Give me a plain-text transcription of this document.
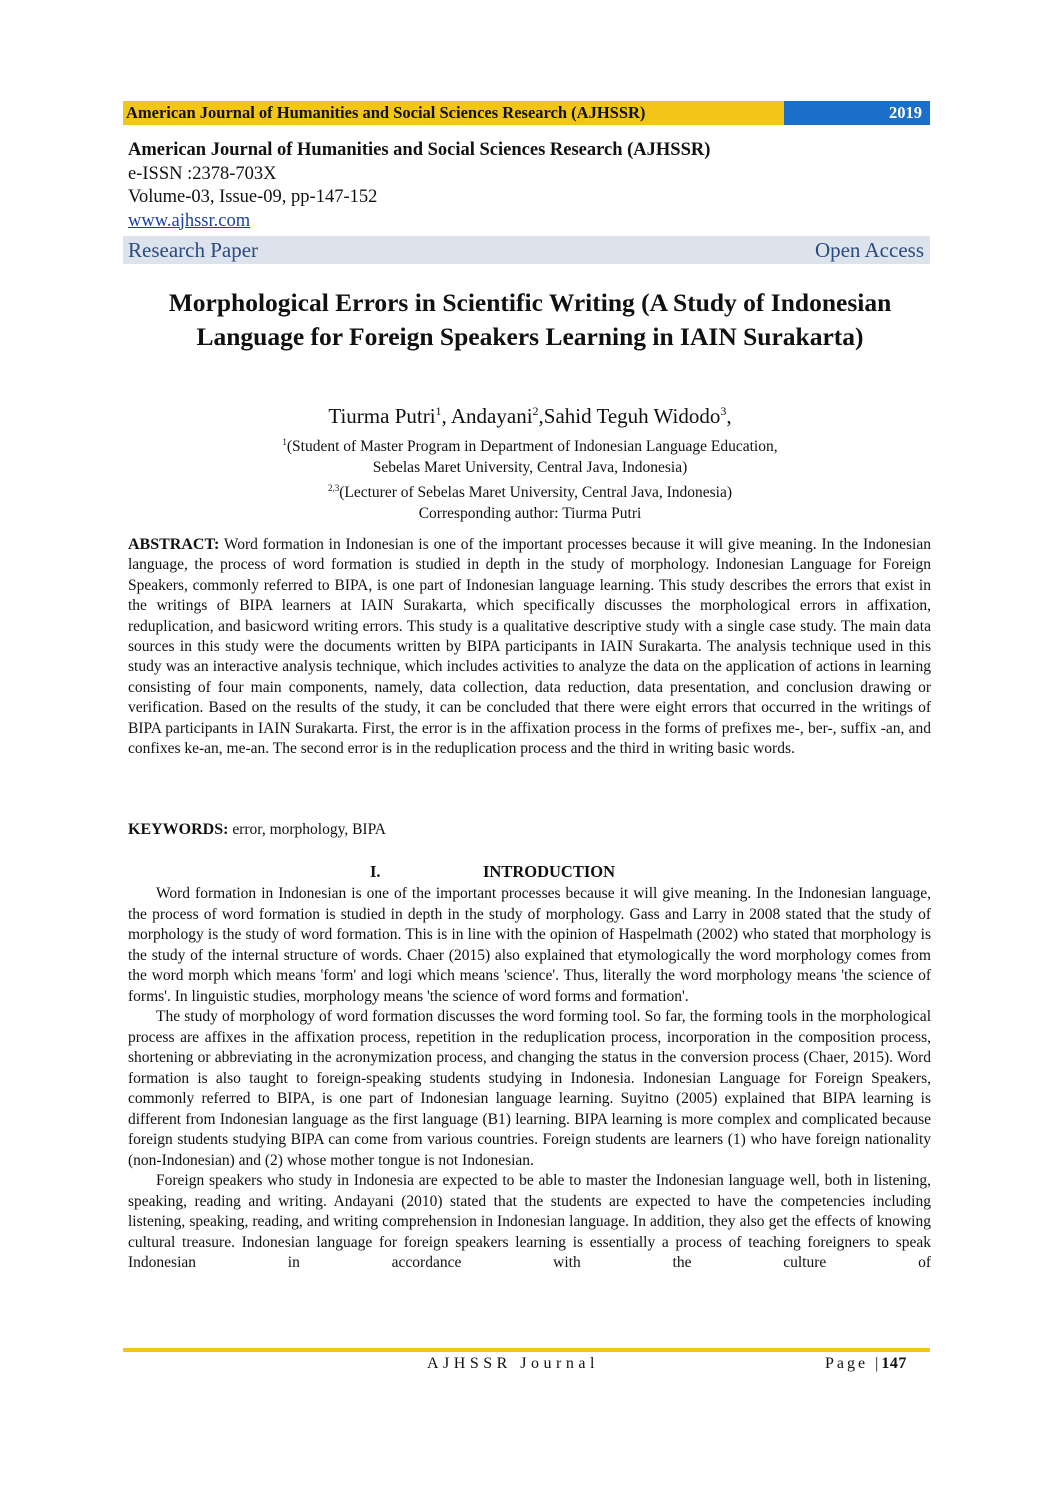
American Journal of Humanities and Social Sciences Research (AJHSSR)	2019
American Journal of Humanities and Social Sciences Research (AJHSSR)
e-ISSN :2378-703X
Volume-03, Issue-09, pp-147-152
www.ajhssr.com
Research Paper	Open Access
Morphological Errors in Scientific Writing (A Study of Indonesian Language for Foreign Speakers Learning in IAIN Surakarta)
Tiurma Putri$^1$, Andayani$^2$,Sahid Teguh Widodo$^3$,
$^1$(Student of Master Program in Department of Indonesian Language Education,
Sebelas Maret University, Central Java, Indonesia)
$^{2,3}$(Lecturer of Sebelas Maret University, Central Java, Indonesia)
Corresponding author: Tiurma Putri
ABSTRACT: Word formation in Indonesian is one of the important processes because it will give meaning. In the Indonesian language, the process of word formation is studied in depth in the study of morphology. Indonesian Language for Foreign Speakers, commonly referred to BIPA, is one part of Indonesian language learning. This study describes the errors that exist in the writings of BIPA learners at IAIN Surakarta, which specifically discusses the morphological errors in affixation, reduplication, and basicword writing errors. This study is a qualitative descriptive study with a single case study. The main data sources in this study were the documents written by BIPA participants in IAIN Surakarta. The analysis technique used in this study was an interactive analysis technique, which includes activities to analyze the data on the application of actions in learning consisting of four main components, namely, data collection, data reduction, data presentation, and conclusion drawing or verification. Based on the results of the study, it can be concluded that there were eight errors that occurred in the writings of BIPA participants in IAIN Surakarta. First, the error is in the affixation process in the forms of prefixes me-, ber-, suffix -an, and confixes ke-an, me-an. The second error is in the reduplication process and the third in writing basic words.
KEYWORDS: error, morphology, BIPA
I.	INTRODUCTION

Word formation in Indonesian is one of the important processes because it will give meaning. In the Indonesian language, the process of word formation is studied in depth in the study of morphology. Gass and Larry in 2008 stated that the study of morphology is the study of word formation. This is in line with the opinion of Haspelmath (2002) who stated that morphology is the study of the internal structure of words. Chaer (2015) also explained that etymologically the word morphology comes from the word morph which means 'form' and logi which means 'science'. Thus, literally the word morphology means 'the science of forms'. In linguistic studies, morphology means 'the science of word forms and formation'.

The study of morphology of word formation discusses the word forming tool. So far, the forming tools in the morphological process are affixes in the affixation process, repetition in the reduplication process, incorporation in the composition process, shortening or abbreviating in the acronymization process, and changing the status in the conversion process (Chaer, 2015). Word formation is also taught to foreign-speaking students studying in Indonesia. Indonesian Language for Foreign Speakers, commonly referred to BIPA, is one part of Indonesian language learning. Suyitno (2005) explained that BIPA learning is different from Indonesian language as the first language (B1) learning. BIPA learning is more complex and complicated because foreign students studying BIPA can come from various countries. Foreign students are learners (1) who have foreign nationality (non-Indonesian) and (2) whose mother tongue is not Indonesian.

Foreign speakers who study in Indonesia are expected to be able to master the Indonesian language well, both in listening, speaking, reading and writing. Andayani (2010) stated that the students are expected to have the competencies including listening, speaking, reading, and writing comprehension in Indonesian language. In addition, they also get the effects of knowing cultural treasure. Indonesian language for foreign speakers learning is essentially a process of teaching foreigners to speak Indonesian in accordance with the culture of

AJHSSR Journal	Page |147
